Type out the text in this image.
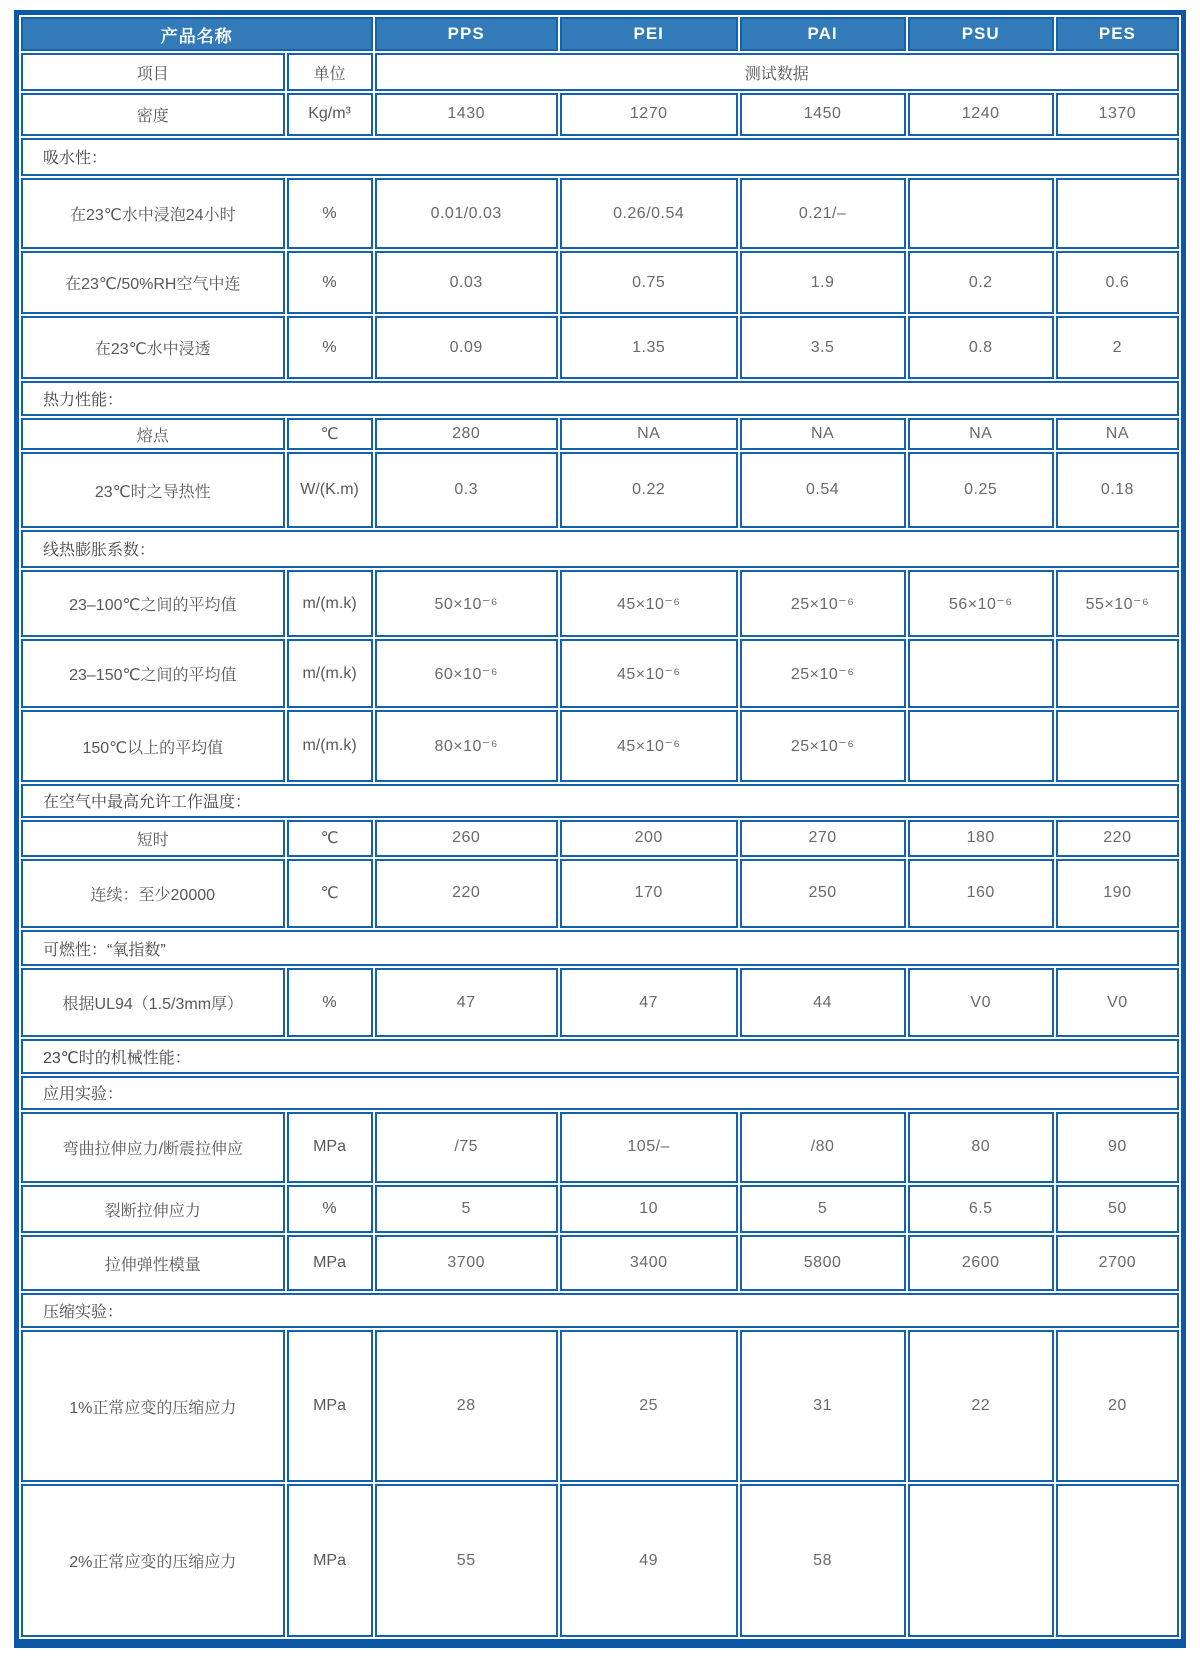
产品名称		PPS	PEI	PAI	PSU	PES
项目	单位	测试数据				
密度	Kg/m³	1430	1270	1450	1240	1370
吸水性：						
在23℃水中浸泡24小时	%	0.01/0.03	0.26/0.54	0.21/–		
在23℃/50%RH空气中连	%	0.03	0.75	1.9	0.2	0.6
在23℃水中浸透	%	0.09	1.35	3.5	0.8	2
热力性能：						
熔点	℃	280	NA	NA	NA	NA
23℃时之导热性	W/(K.m)	0.3	0.22	0.54	0.25	0.18
线热膨胀系数：						
23–100℃之间的平均值	m/(m.k)	50×10⁻⁶	45×10⁻⁶	25×10⁻⁶	56×10⁻⁶	55×10⁻⁶
23–150℃之间的平均值	m/(m.k)	60×10⁻⁶	45×10⁻⁶	25×10⁻⁶		
150℃以上的平均值	m/(m.k)	80×10⁻⁶	45×10⁻⁶	25×10⁻⁶		
在空气中最高允许工作温度：						
短时	℃	260	200	270	180	220
连续：至少20000	℃	220	170	250	160	190
可燃性：“氧指数”						
根据UL94（1.5/3mm厚）	%	47	47	44	V0	V0
23℃时的机械性能：						
应用实验：						
弯曲拉伸应力/断震拉伸应	MPa	/75	105/–	/80	80	90
裂断拉伸应力	%	5	10	5	6.5	50
拉伸弹性模量	MPa	3700	3400	5800	2600	2700
压缩实验：						
1%正常应变的压缩应力	MPa	28	25	31	22	20
2%正常应变的压缩应力	MPa	55	49	58		
